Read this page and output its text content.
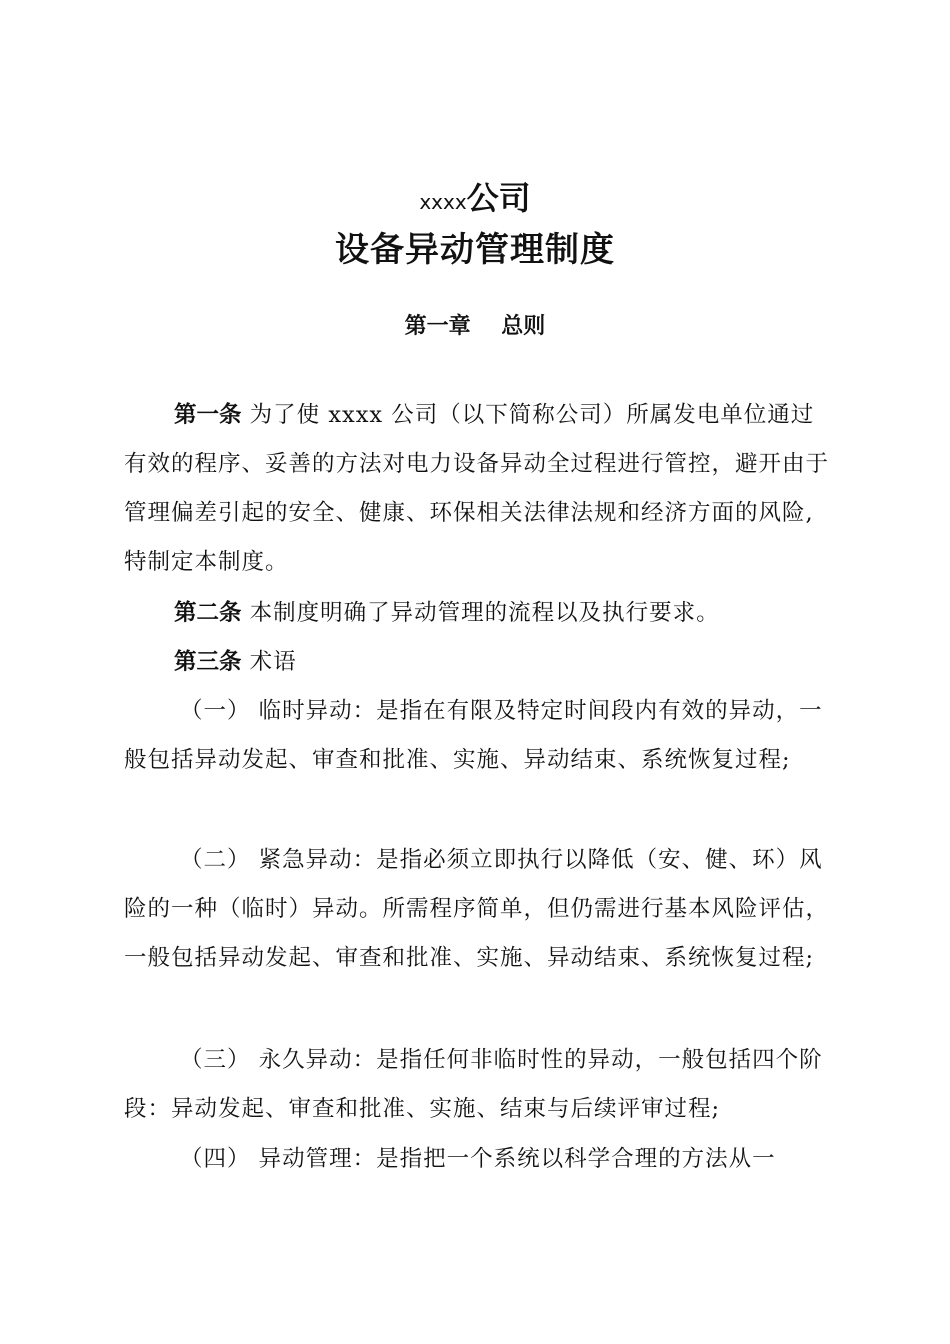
xxxx公司
设备异动管理制度
第一章    总则

第一条 为了使 xxxx 公司（以下简称公司）所属发电单位通过有效的程序、妥善的方法对电力设备异动全过程进行管控，避开由于管理偏差引起的安全、健康、环保相关法律法规和经济方面的风险,特制定本制度。

第二条 本制度明确了异动管理的流程以及执行要求。

第三条 术语

（一） 临时异动：是指在有限及特定时间段内有效的异动，一般包括异动发起、审查和批准、实施、异动结束、系统恢复过程;

（二） 紧急异动：是指必须立即执行以降低（安、健、环）风险的一种（临时）异动。所需程序简单，但仍需进行基本风险评估，一般包括异动发起、审查和批准、实施、异动结束、系统恢复过程;

（三） 永久异动：是指任何非临时性的异动，一般包括四个阶段：异动发起、审查和批准、实施、结束与后续评审过程;

（四） 异动管理：是指把一个系统以科学合理的方法从一
